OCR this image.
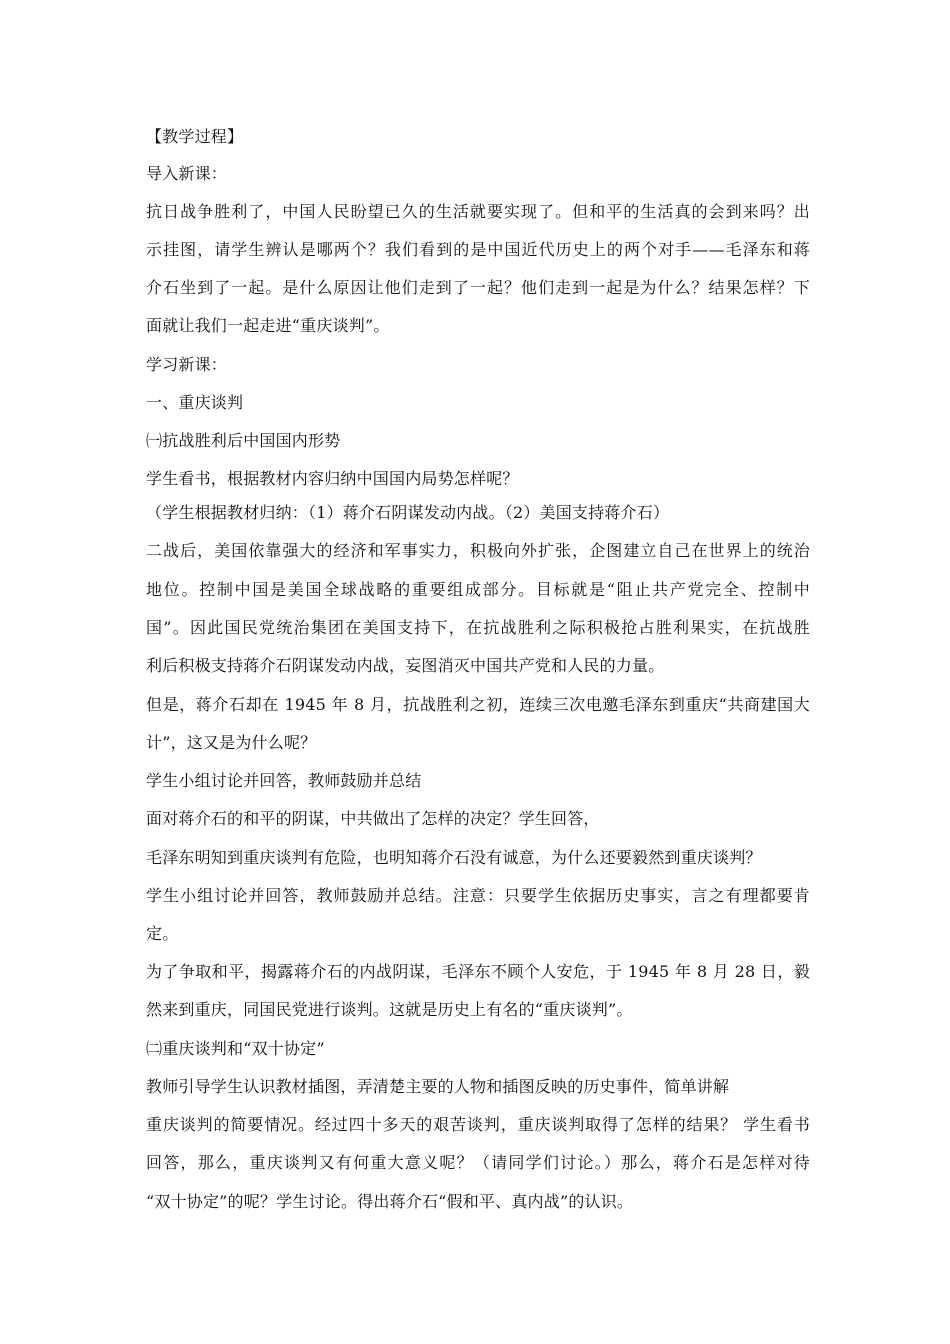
【教学过程】
导入新课：
抗日战争胜利了，中国人民盼望已久的生活就要实现了。但和平的生活真的会到来吗？出
示挂图，请学生辨认是哪两个？我们看到的是中国近代历史上的两个对手——毛泽东和蒋
介石坐到了一起。是什么原因让他们走到了一起？他们走到一起是为什么？结果怎样？下
面就让我们一起走进“重庆谈判”。
学习新课：
一、重庆谈判
㈠抗战胜利后中国国内形势
学生看书，根据教材内容归纳中国国内局势怎样呢？
（学生根据教材归纳：（1）蒋介石阴谋发动内战。（2）美国支持蒋介石）
二战后，美国依靠强大的经济和军事实力，积极向外扩张，企图建立自己在世界上的统治
地位。控制中国是美国全球战略的重要组成部分。目标就是“阻止共产党完全、控制中
国”。因此国民党统治集团在美国支持下，在抗战胜利之际积极抢占胜利果实，在抗战胜
利后积极支持蒋介石阴谋发动内战，妄图消灭中国共产党和人民的力量。
但是，蒋介石却在 1945 年 8 月，抗战胜利之初，连续三次电邀毛泽东到重庆“共商建国大
计”，这又是为什么呢？
学生小组讨论并回答，教师鼓励并总结
面对蒋介石的和平的阴谋，中共做出了怎样的决定？学生回答，
毛泽东明知到重庆谈判有危险，也明知蒋介石没有诚意，为什么还要毅然到重庆谈判？
学生小组讨论并回答，教师鼓励并总结。注意：只要学生依据历史事实，言之有理都要肯
定。
为了争取和平，揭露蒋介石的内战阴谋，毛泽东不顾个人安危，于 1945 年 8 月 28 日，毅
然来到重庆，同国民党进行谈判。这就是历史上有名的“重庆谈判”。
㈡重庆谈判和“双十协定”
教师引导学生认识教材插图，弄清楚主要的人物和插图反映的历史事件，简单讲解
重庆谈判的简要情况。经过四十多天的艰苦谈判，重庆谈判取得了怎样的结果？ 学生看书
回答，那么，重庆谈判又有何重大意义呢？（请同学们讨论。）那么，蒋介石是怎样对待
“双十协定”的呢？学生讨论。得出蒋介石“假和平、真内战”的认识。
